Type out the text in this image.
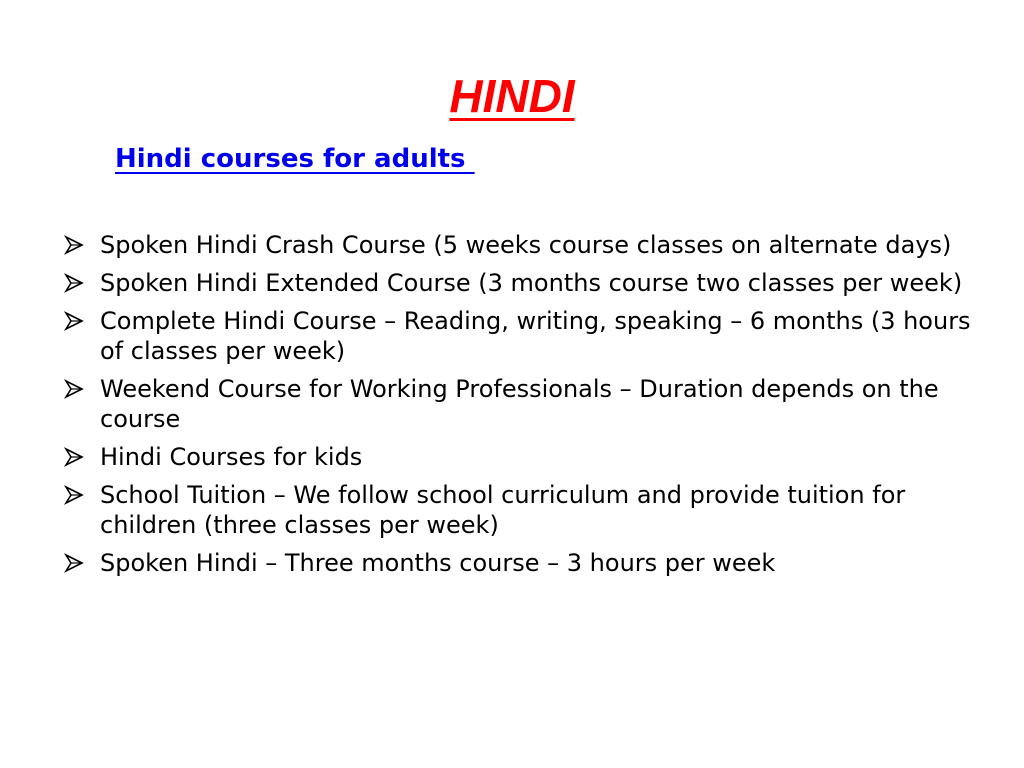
HINDI
Hindi courses for adults
Spoken Hindi Crash Course (5 weeks course classes on alternate days)
Spoken Hindi Extended Course (3 months course two classes per week)
Complete Hindi Course – Reading, writing, speaking – 6 months (3 hours of classes per week)
Weekend Course for Working Professionals – Duration depends on the course
Hindi Courses for kids
School Tuition – We follow school curriculum and provide tuition for children (three classes per week)
Spoken Hindi – Three months course – 3 hours per week
